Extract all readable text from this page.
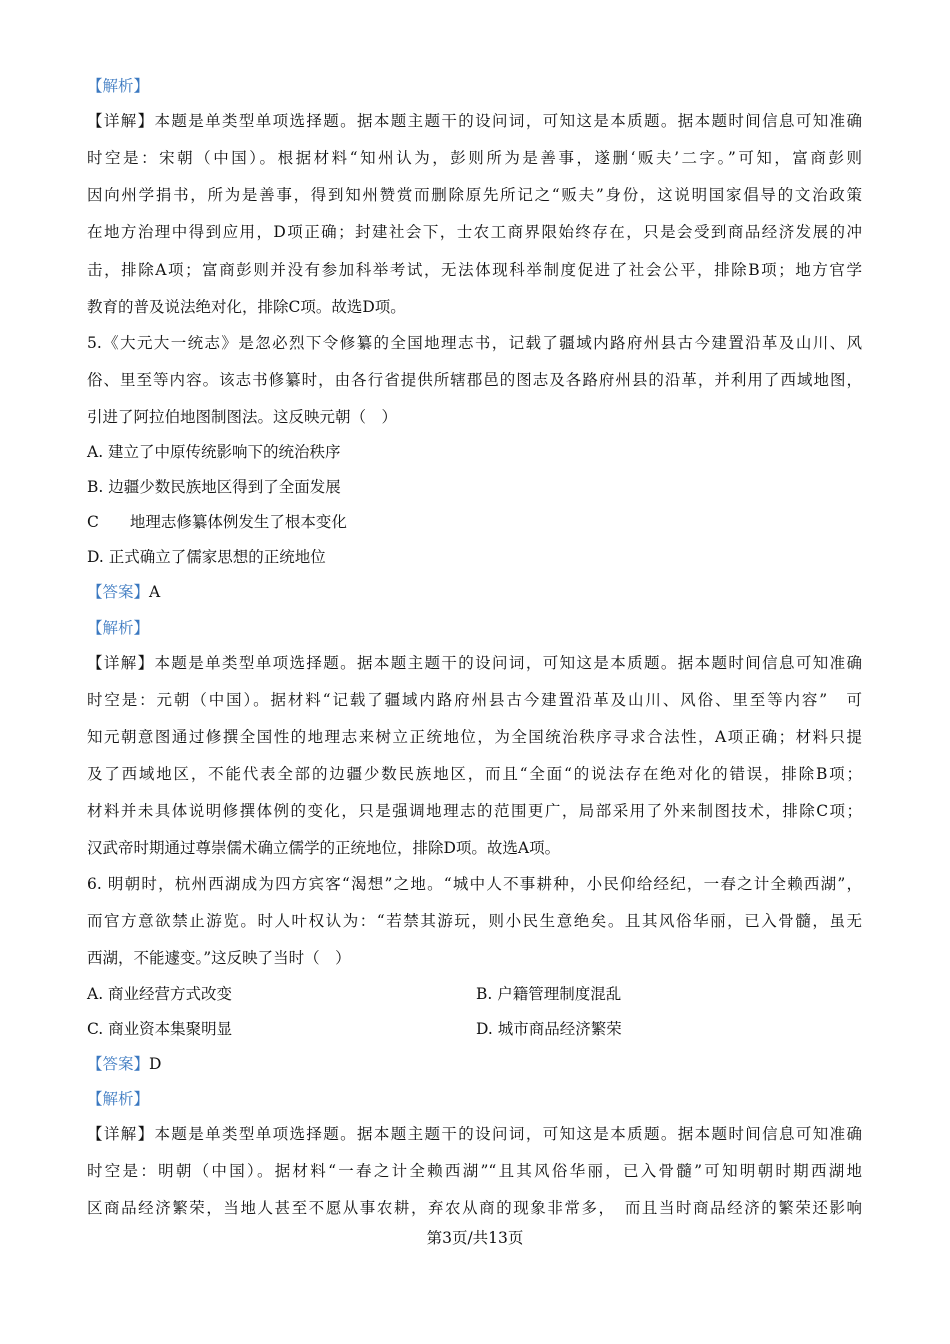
【解析】
【详解】本题是单类型单项选择题。据本题主题干的设问词，可知这是本质题。据本题时间信息可知准确
时空是：宋朝（中国）。根据材料“知州认为，彭则所为是善事，遂删‘贩夫’二字。”可知，富商彭则
因向州学捐书，所为是善事，得到知州赞赏而删除原先所记之“贩夫”身份，这说明国家倡导的文治政策
在地方治理中得到应用，D项正确；封建社会下，士农工商界限始终存在，只是会受到商品经济发展的冲
击，排除A项；富商彭则并没有参加科举考试，无法体现科举制度促进了社会公平，排除B项；地方官学
教育的普及说法绝对化，排除C项。故选D项。
5.《大元大一统志》是忽必烈下令修纂的全国地理志书，记载了疆域内路府州县古今建置沿革及山川、风
俗、里至等内容。该志书修纂时，由各行省提供所辖郡邑的图志及各路府州县的沿革，并利用了西域地图，
引进了阿拉伯地图制图法。这反映元朝（　）
A. 建立了中原传统影响下的统治秩序
B. 边疆少数民族地区得到了全面发展
C　　地理志修纂体例发生了根本变化
D. 正式确立了儒家思想的正统地位
【答案】A
【解析】
【详解】本题是单类型单项选择题。据本题主题干的设问词，可知这是本质题。据本题时间信息可知准确
时空是：元朝（中国）。据材料“记载了疆域内路府州县古今建置沿革及山川、风俗、里至等内容”　可
知元朝意图通过修撰全国性的地理志来树立正统地位，为全国统治秩序寻求合法性，A项正确；材料只提
及了西域地区，不能代表全部的边疆少数民族地区，而且“全面“的说法存在绝对化的错误，排除B项；
材料并未具体说明修撰体例的变化，只是强调地理志的范围更广，局部采用了外来制图技术，排除C项；
汉武帝时期通过尊崇儒术确立儒学的正统地位，排除D项。故选A项。
6. 明朝时，杭州西湖成为四方宾客“渴想”之地。“城中人不事耕种，小民仰给经纪，一春之计全赖西湖”，
而官方意欲禁止游览。时人叶权认为：“若禁其游玩，则小民生意绝矣。且其风俗华丽，已入骨髓，虽无
西湖，不能遽变。”这反映了当时（　）
A. 商业经营方式改变	B. 户籍管理制度混乱
C. 商业资本集聚明显	D. 城市商品经济繁荣
【答案】D
【解析】
【详解】本题是单类型单项选择题。据本题主题干的设问词，可知这是本质题。据本题时间信息可知准确
时空是：明朝（中国）。据材料“一春之计全赖西湖”“且其风俗华丽，已入骨髓”可知明朝时期西湖地
区商品经济繁荣，当地人甚至不愿从事农耕，弃农从商的现象非常多，　而且当时商品经济的繁荣还影响
第3页/共13页
